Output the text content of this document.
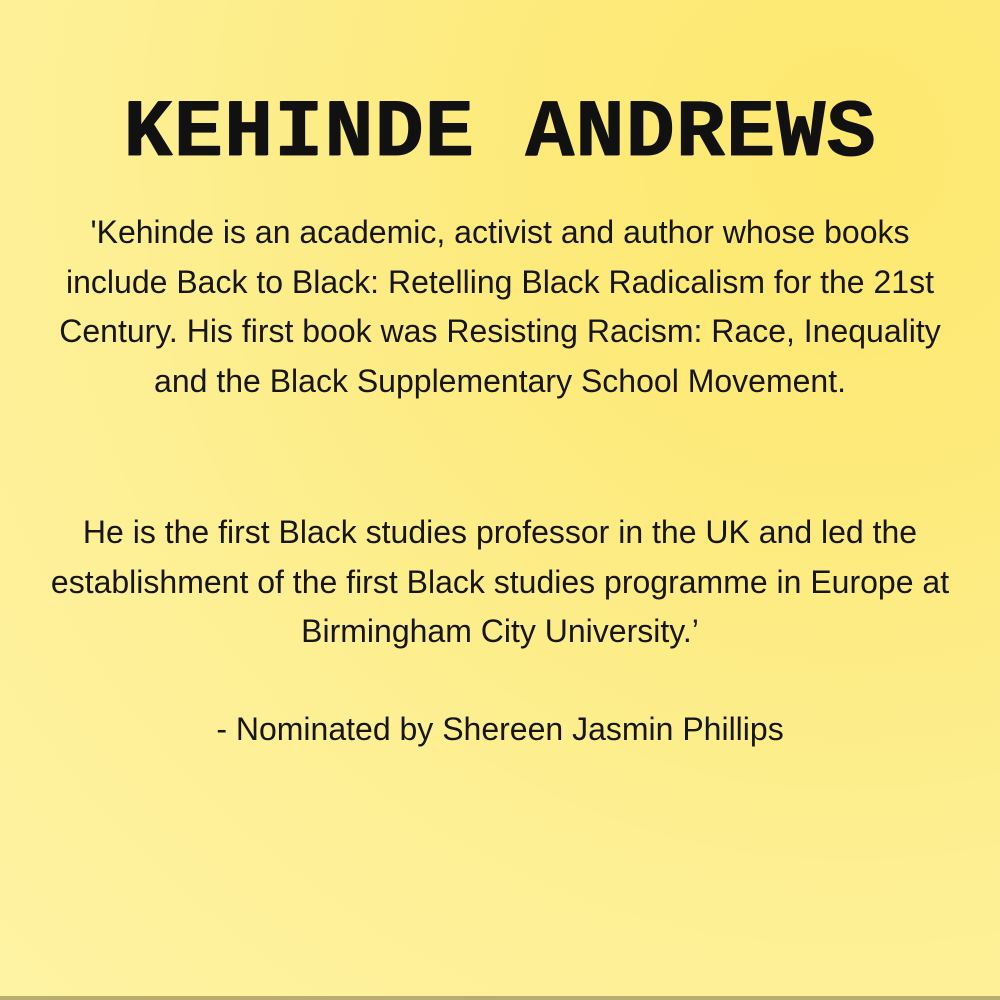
KEHINDE ANDREWS

'Kehinde is an academic, activist and author whose books include Back to Black: Retelling Black Radicalism for the 21st Century. His first book was Resisting Racism: Race, Inequality and the Black Supplementary School Movement.

He is the first Black studies professor in the UK and led the establishment of the first Black studies programme in Europe at Birmingham City University.’

- Nominated by Shereen Jasmin Phillips
